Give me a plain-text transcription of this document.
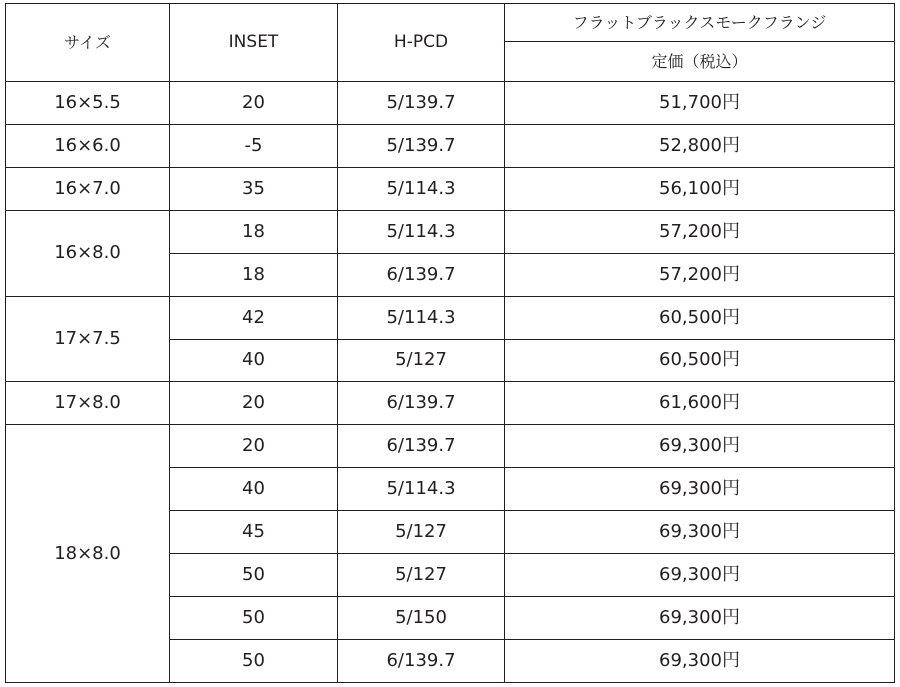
サイズ	INSET	H-PCD	フラットブラックスモークフランジ
			定価（税込）
16×5.5	20	5/139.7	51,700円
16×6.0	-5	5/139.7	52,800円
16×7.0	35	5/114.3	56,100円
16×8.0	18	5/114.3	57,200円
	18	6/139.7	57,200円
17×7.5	42	5/114.3	60,500円
	40	5/127	60,500円
17×8.0	20	6/139.7	61,600円
18×8.0	20	6/139.7	69,300円
	40	5/114.3	69,300円
	45	5/127	69,300円
	50	5/127	69,300円
	50	5/150	69,300円
	50	6/139.7	69,300円
